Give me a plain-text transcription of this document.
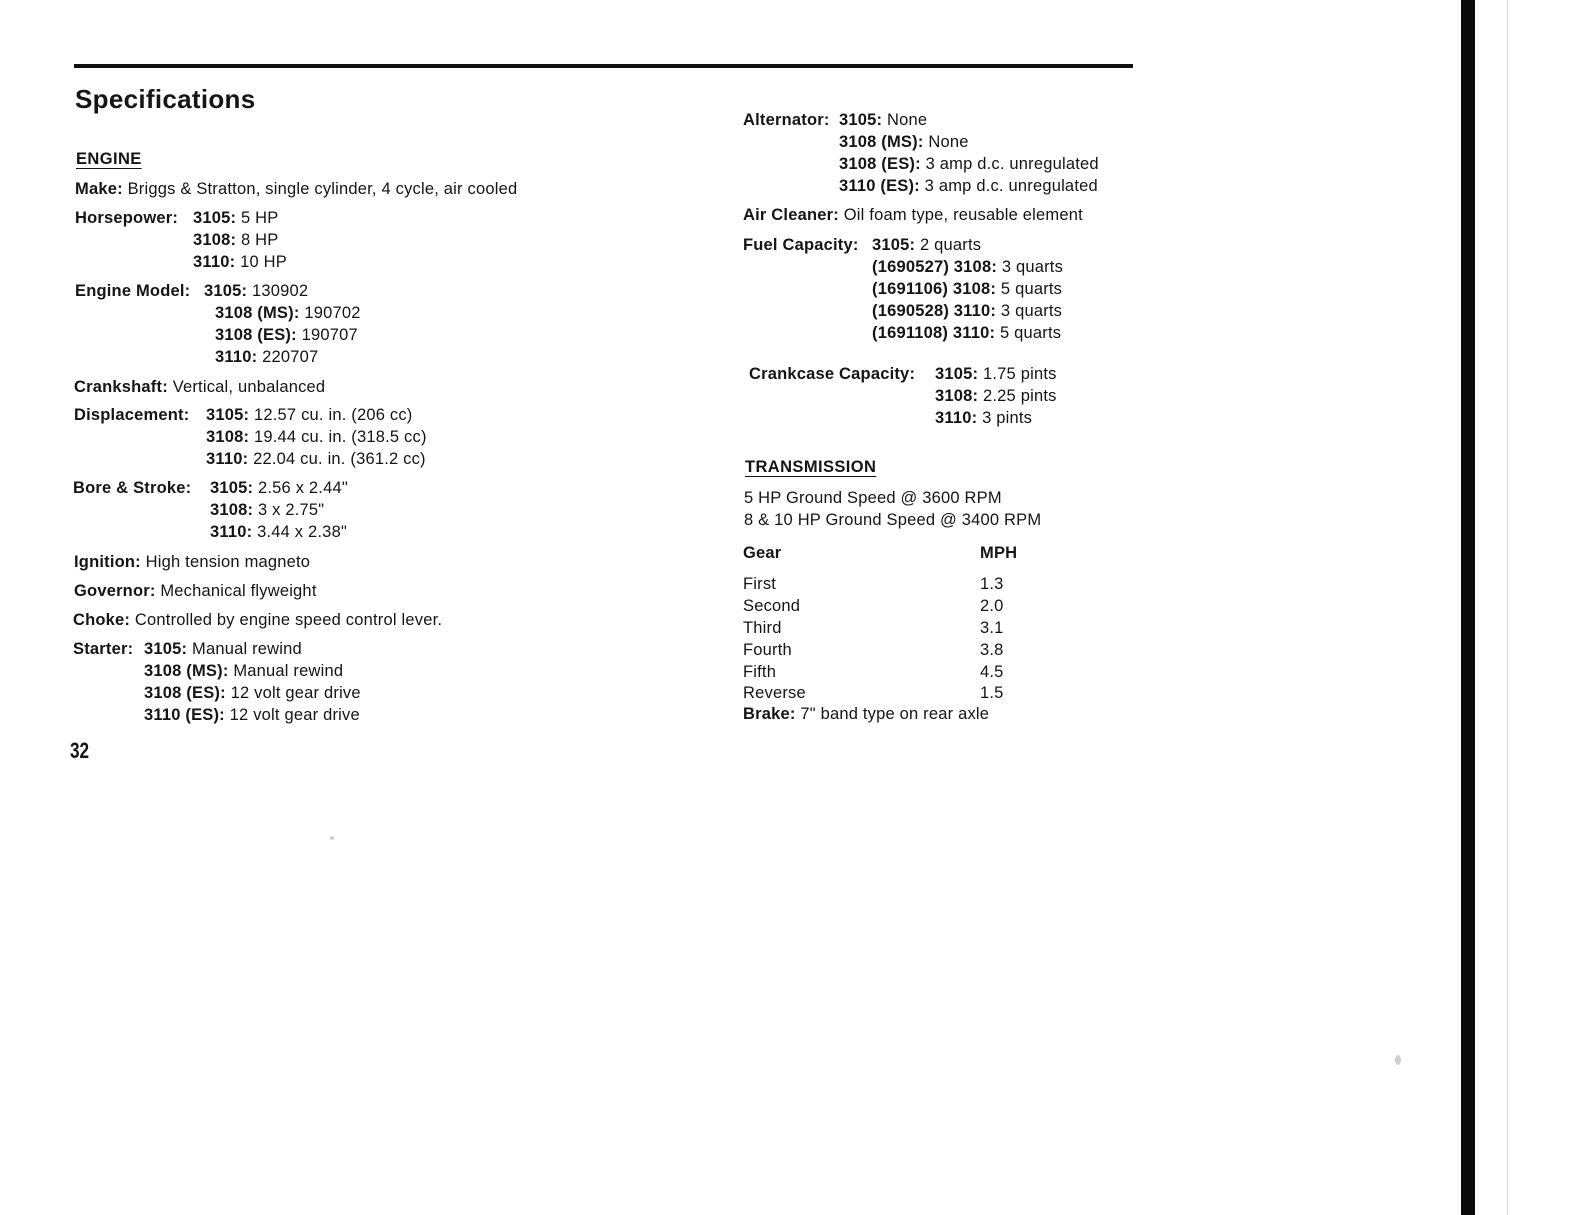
Specifications
ENGINE
Make: Briggs & Stratton, single cylinder, 4 cycle, air cooled
Horsepower: 3105: 5 HP
3108: 8 HP
3110: 10 HP
Engine Model: 3105: 130902
3108 (MS): 190702
3108 (ES): 190707
3110: 220707
Crankshaft: Vertical, unbalanced
Displacement:	3105: 12.57 cu. in. (206 cc)
3108: 19.44 cu. in. (318.5 cc)
3110: 22.04 cu. in. (361.2 cc)
Bore & Stroke:	3105: 2.56 x 2.44"
3108: 3 x 2.75"
3110: 3.44 x 2.38"
Ignition: High tension magneto
Governor: Mechanical flyweight
Choke: Controlled by engine speed control lever.
Starter: 3105: Manual rewind
3108 (MS): Manual rewind
3108 (ES): 12 volt gear drive
3110 (ES): 12 volt gear drive
32
Alternator: 3105: None
3108 (MS): None
3108 (ES): 3 amp d.c. unregulated
3110 (ES): 3 amp d.c. unregulated
Air Cleaner: Oil foam type, reusable element
Fuel Capacity: 3105: 2 quarts
(1690527) 3108: 3 quarts
(1691106) 3108: 5 quarts
(1690528) 3110: 3 quarts
(1691108) 3110: 5 quarts
Crankcase Capacity:	3105: 1.75 pints
3108: 2.25 pints
3110: 3 pints
TRANSMISSION
5 HP Ground Speed @ 3600 RPM
8 & 10 HP Ground Speed @ 3400 RPM
Gear	MPH
First	1.3
Second	2.0
Third	3.1
Fourth	3.8
Fifth	4.5
Reverse	1.5
Brake: 7" band type on rear axle
